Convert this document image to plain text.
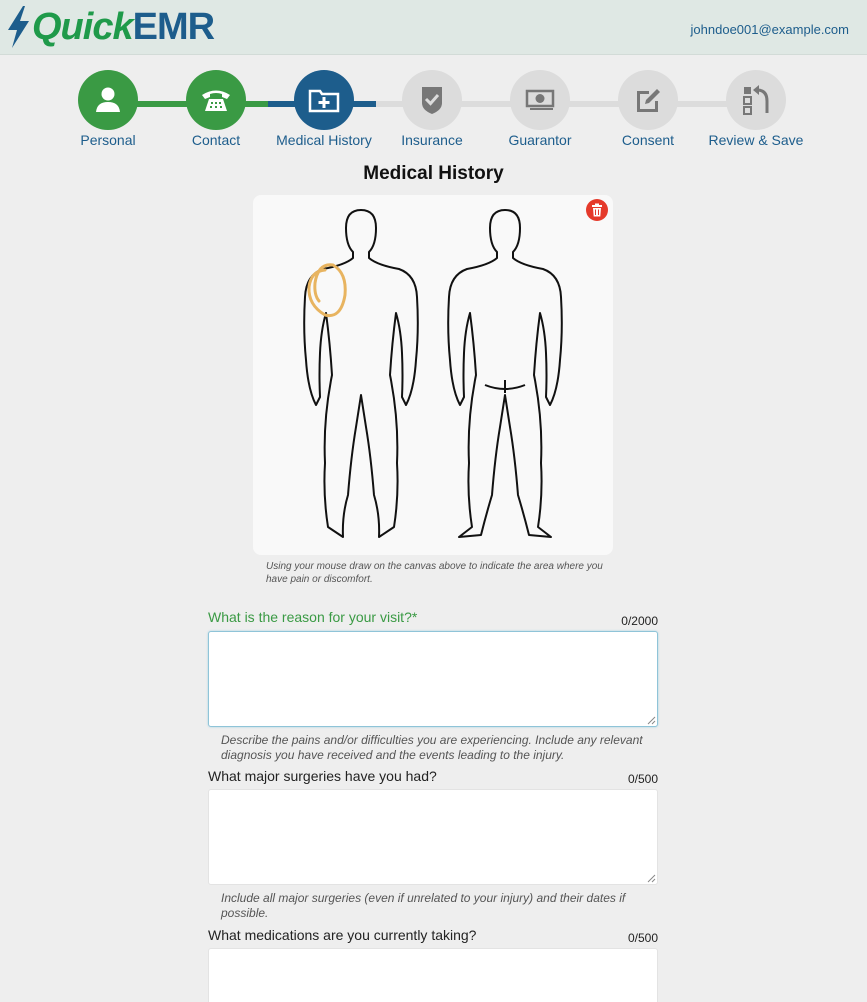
QuickEMR	johndoe001@example.com
Personal	Contact	Medical History	Insurance	Guarantor	Consent	Review & Save
Medical History
Using your mouse draw on the canvas above to indicate the area where you have pain or discomfort.
What is the reason for your visit?*	0/2000
Describe the pains and/or difficulties you are experiencing. Include any relevant diagnosis you have received and the events leading to the injury.
What major surgeries have you had?	0/500
Include all major surgeries (even if unrelated to your injury) and their dates if possible.
What medications are you currently taking?	0/500
